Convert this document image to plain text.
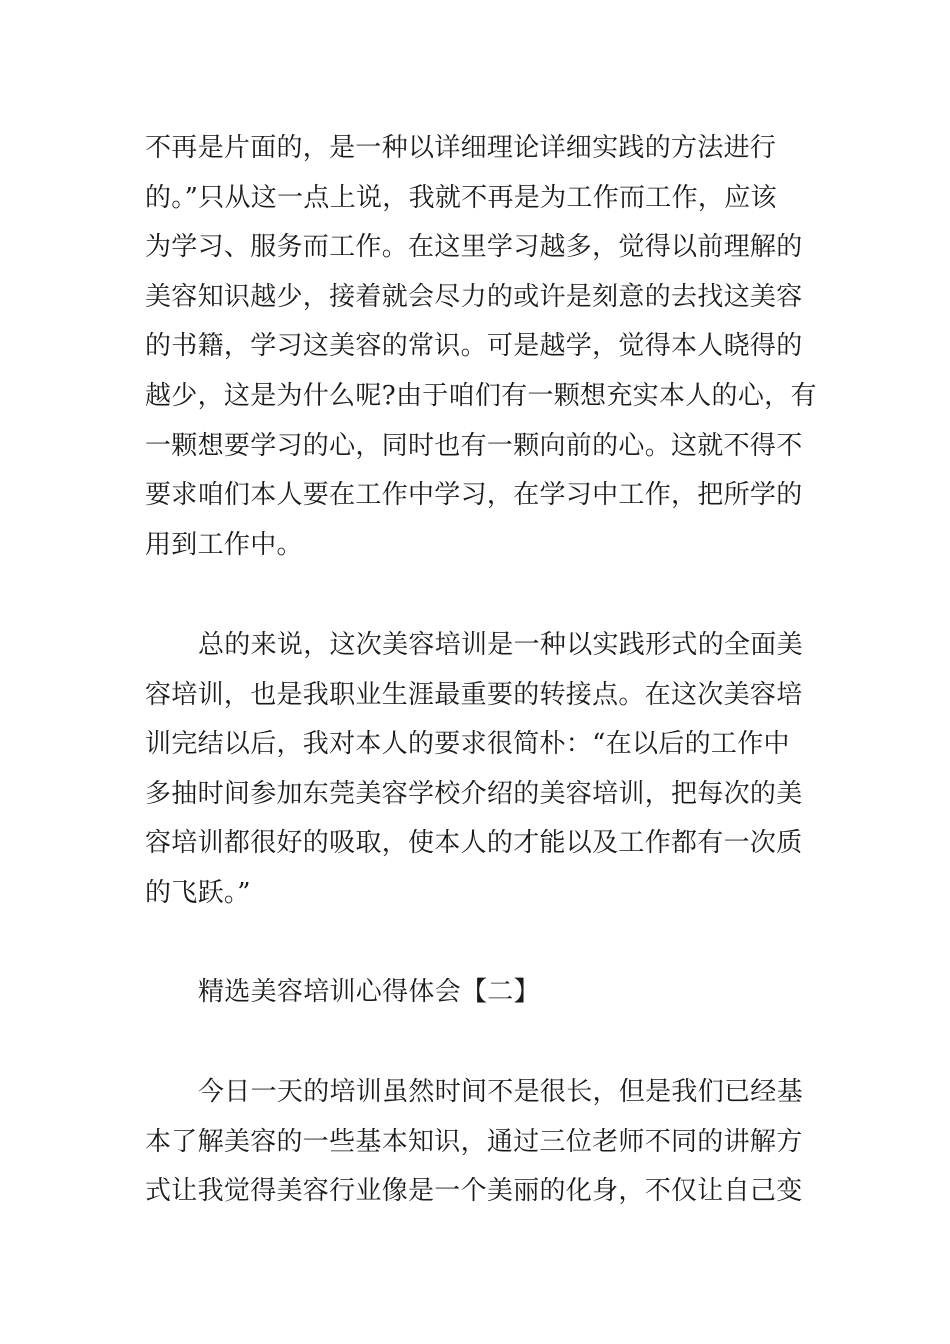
不再是片面的，是一种以详细理论详细实践的方法进行
的。”只从这一点上说，我就不再是为工作而工作，应该
为学习、服务而工作。在这里学习越多，觉得以前理解的
美容知识越少，接着就会尽力的或许是刻意的去找这美容
的书籍，学习这美容的常识。可是越学，觉得本人晓得的
越少，这是为什么呢?由于咱们有一颗想充实本人的心，有
一颗想要学习的心，同时也有一颗向前的心。这就不得不
要求咱们本人要在工作中学习，在学习中工作，把所学的
用到工作中。
总的来说，这次美容培训是一种以实践形式的全面美
容培训，也是我职业生涯最重要的转接点。在这次美容培
训完结以后，我对本人的要求很简朴：“在以后的工作中
多抽时间参加东莞美容学校介绍的美容培训，把每次的美
容培训都很好的吸取，使本人的才能以及工作都有一次质
的飞跃。”
精选美容培训心得体会【二】
今日一天的培训虽然时间不是很长，但是我们已经基
本了解美容的一些基本知识，通过三位老师不同的讲解方
式让我觉得美容行业像是一个美丽的化身，不仅让自己变
